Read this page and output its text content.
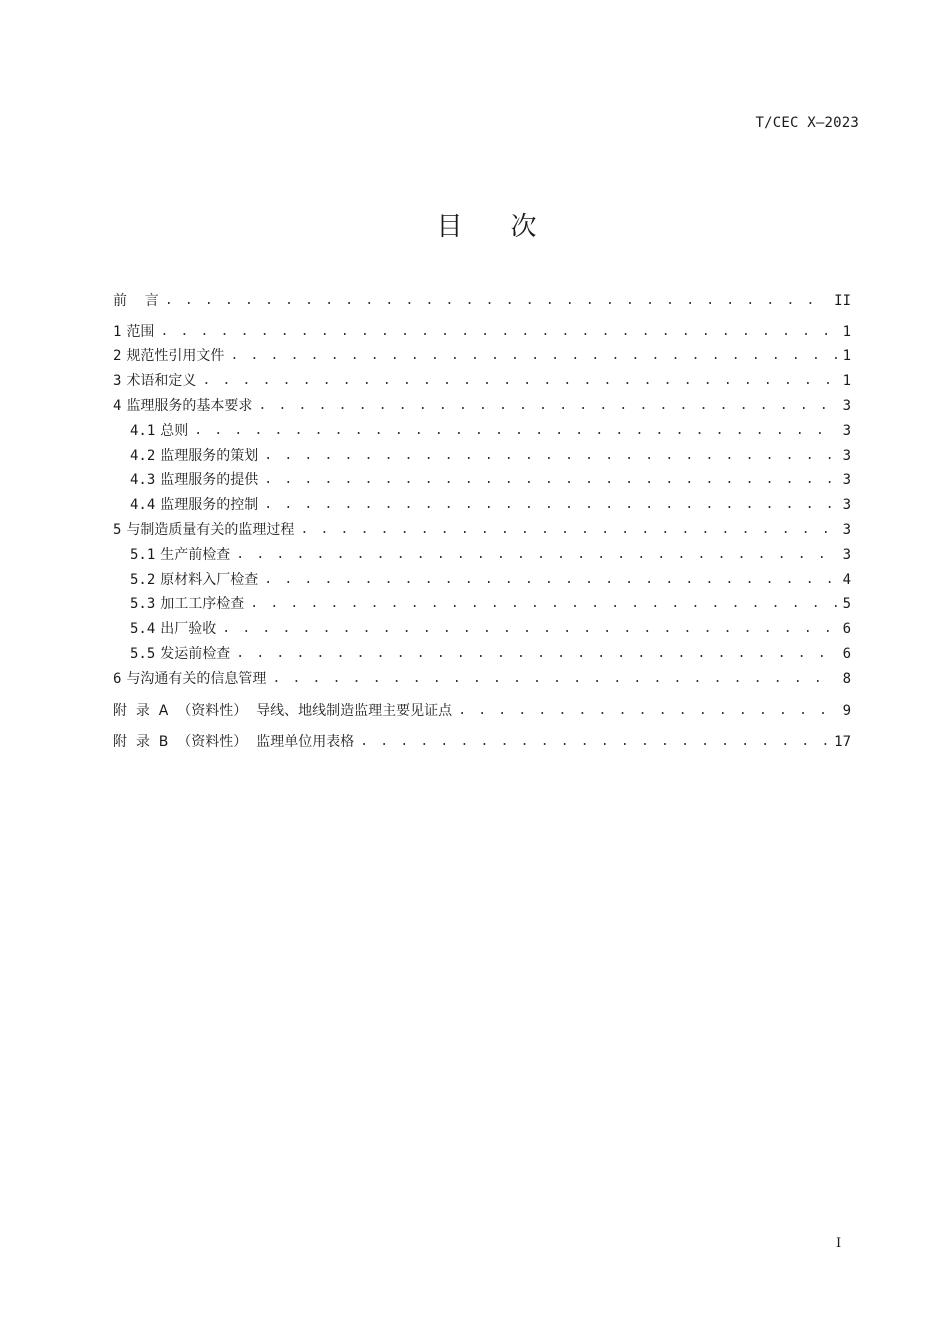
T/CEC X—2023
目 次
前    言 . . .	II
1 范围 . . .	1
2 规范性引用文件 . . .	1
3 术语和定义 . . .	1
4 监理服务的基本要求 . . .	3
4.1 总则 . . .	3
4.2 监理服务的策划 . . .	3
4.3 监理服务的提供 . . .	3
4.4 监理服务的控制 . . .	3
5 与制造质量有关的监理过程 . . .	3
5.1 生产前检查 . . .	3
5.2 原材料入厂检查 . . .	4
5.3 加工工序检查 . . .	5
5.4 出厂验收 . . .	6
5.5 发运前检查 . . .	6
6 与沟通有关的信息管理 . . .	8
附  录  A  （资料性）  导线、地线制造监理主要见证点 . . .	9
附  录  B  （资料性）  监理单位用表格 . . .	17
I
